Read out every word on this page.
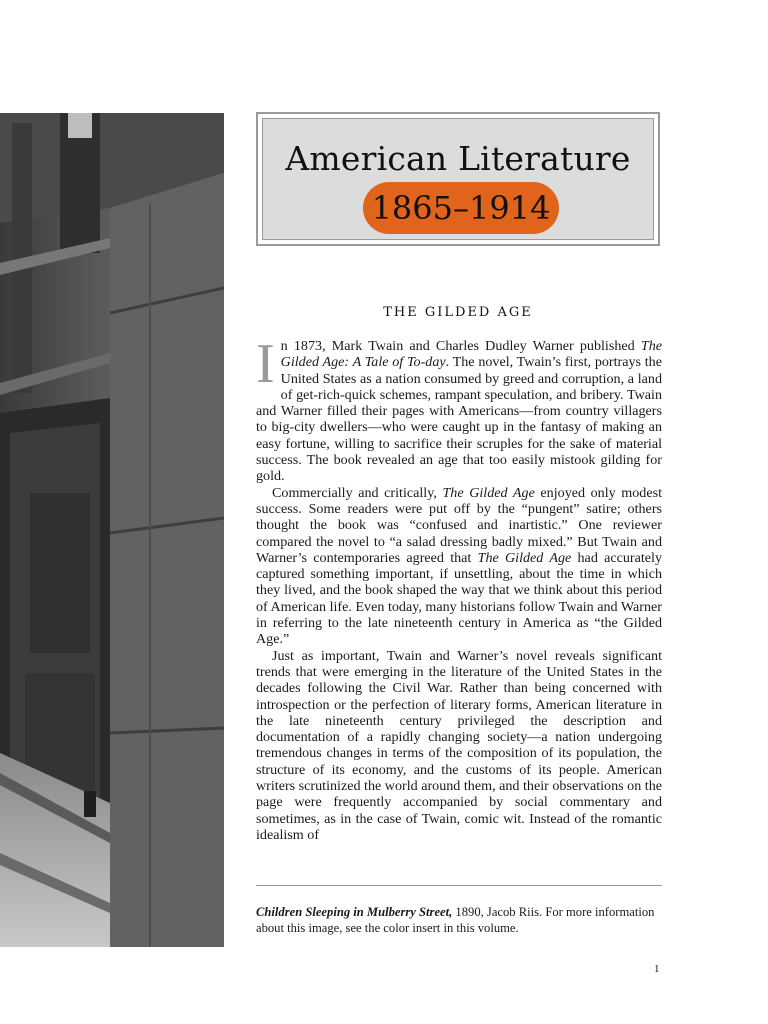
American Literature
1865–1914
THE GILDED AGE

In 1873, Mark Twain and Charles Dudley Warner published The Gilded Age: A Tale of To-day. The novel, Twain’s first, portrays the United States as a nation consumed by greed and corruption, a land of get-rich-quick schemes, rampant speculation, and bribery. Twain and Warner filled their pages with Americans—from country villagers to big-city dwellers—who were caught up in the fantasy of making an easy fortune, willing to sacrifice their scruples for the sake of material success. The book revealed an age that too easily mistook gilding for gold.

Commercially and critically, The Gilded Age enjoyed only modest success. Some readers were put off by the “pungent” satire; others thought the book was “confused and inartistic.” One reviewer compared the novel to “a salad dressing badly mixed.” But Twain and Warner’s contemporaries agreed that The Gilded Age had accurately captured something important, if unsettling, about the time in which they lived, and the book shaped the way that we think about this period of American life. Even today, many historians follow Twain and Warner in referring to the late nineteenth century in America as “the Gilded Age.”

Just as important, Twain and Warner’s novel reveals significant trends that were emerging in the literature of the United States in the decades following the Civil War. Rather than being concerned with introspection or the perfection of literary forms, American literature in the late nineteenth century privileged the description and documentation of a rapidly changing society—a nation undergoing tremendous changes in terms of the composition of its population, the structure of its economy, and the customs of its people. American writers scrutinized the world around them, and their observations on the page were frequently accompanied by social commentary and sometimes, as in the case of Twain, comic wit. Instead of the romantic idealism of

Children Sleeping in Mulberry Street, 1890, Jacob Riis. For more information about this image, see the color insert in this volume.
1
